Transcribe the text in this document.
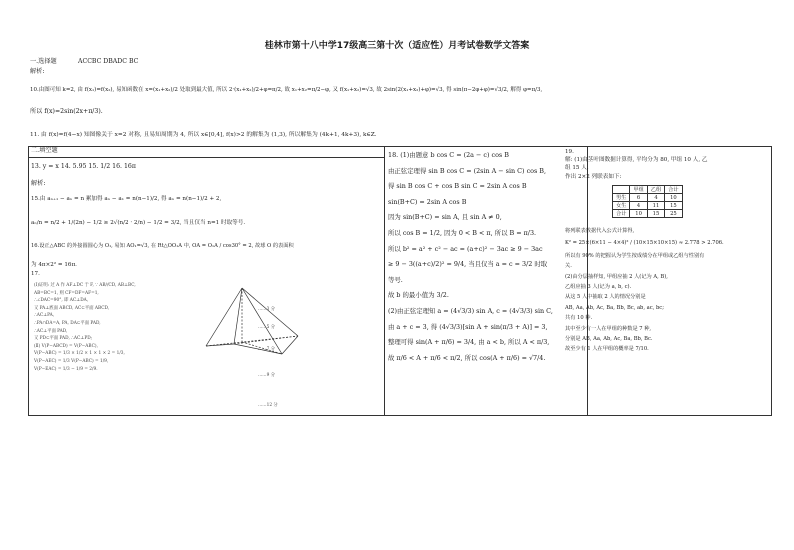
桂林市第十八中学17级高三第十次（适应性）月考试卷数学文答案
一.选择题	ACCBC DBADC BC
解析:
10.由图可知 k=2, 由 f(x₁)=f(x₂), 易知函数在 x=(x₁+x₂)/2 处取到最大值, 所以 2·(x₁+x₂)/2+φ=π/2, 故 x₁+x₂=π/2−φ, 又 f(x₁+x₂)=√3, 故 2sin(2(x₁+x₂)+φ)=√3, 得 sin(π−2φ+φ)=√3/2, 解得 φ=π/3,
所以 f(x)=2sin(2x+π/3).
11. 由 f(x)=f(4−x) 知图像关于 x=2 对称, 且易知周期为 4, 所以 x∈[0,4], f(x)>2 的解集为 (1,3), 所以解集为 (4k+1, 4k+3), k∈Z.
二.填空题
13. y = x 14. 5.95 15. 1/2 16. 16π
解析:
15.由 aₙ₊₁ − aₙ = n 累加得 aₙ − a₁ = n(n−1)/2, 得 aₙ = n(n−1)/2 + 2,
aₙ/n = n/2 + 1/(2n) − 1/2 ≥ 2√(n/2 · 2/n) − 1/2 = 3/2, 当且仅当 n=1 时取等号.
16.设正△ABC 的外接圆圆心为 O₁, 易知 AO₁=√3, 在 Rt△OO₁A 中, OA = O₁A / cos30° = 2, 故球 O 的表面积
为 4π×2² = 16π.
17.
(Ⅰ)证明: 过 A 作 AF⊥DC 于 F, ∵ AB//CD, AB⊥BC,
AB=BC=1, 则 CF=DF=AF=1,
∴∠DAC=90°, 即 AC⊥DA,
又 PA⊥底面 ABCD, AC⊂平面 ABCD,
∴AC⊥PA,
∴PA∩DA=A, PA, DA⊂平面 PAD,
∴AC⊥平面 PAD,
又 PD⊂平面 PAD, ∴AC⊥PD;
(Ⅱ) V(P−ABCD) = V(P−ABC),
V(P−ABC) = 1/3 × 1/2 × 1 × 1 × 2 = 1/3,
V(P−AEC) = 1/3 V(P−ABC) = 1/9,
V(P−EAC) = 1/3 − 1/9 = 2/9.
……3 分
……5 分
……7 分
……9 分
……12 分
18. (1)由题意 b cos C = (2a − c) cos B
由正弦定理得 sin B cos C = (2sin A − sin C) cos B,
得 sin B cos C + cos B sin C = 2sin A cos B
sin(B+C) = 2sin A cos B
因为 sin(B+C) = sin A, 且 sin A ≠ 0,
所以 cos B = 1/2, 因为 0 < B < π, 所以 B = π/3.
所以 b² = a² + c² − ac = (a+c)² − 3ac ≥ 9 − 3ac
≥ 9 − 3((a+c)/2)² = 9/4, 当且仅当 a = c = 3/2 时取
等号.
故 b 的最小值为 3/2.
(2)由正弦定理知 a = (4√3/3) sin A, c = (4√3/3) sin C,
由 a + c = 3, 得 (4√3/3)[sin A + sin(π/3 + A)] = 3,
整理可得 sin(A + π/6) = 3/4, 由 a < b, 所以 A < π/3,
故 π/6 < A + π/6 < π/2, 所以 cos(A + π/6) = √7/4.
19.
解: (1)由茎叶图数据计算得, 平均分为 80, 甲组 10 人, 乙
组 15 人.
作出 2×2 列联表如下:
	甲组	乙组	合计
男生	6	4	10
女生	4	11	15
合计	10	15	25
将列联表数据代入公式计算得,
K² = 25×(6×11 − 4×4)² / (10×15×10×15) ≈ 2.778 > 2.706.
所以有 90% 的把握认为学生按成绩分在甲组或乙组与性别有
关.
(2)由分层抽样知, 甲组应抽 2 人(记为 A, B),
乙组应抽 3 人(记为 a, b, c).
从这 5 人中抽取 2 人的情况分别是
AB, Aa, Ab, Ac, Ba, Bb, Bc, ab, ac, bc;
共有 10 种.
其中至少有一人在甲组的种数是 7 种,
分别是 AB, Aa, Ab, Ac, Ba, Bb, Bc.
故至少有 1 人在甲组的概率是 7/10.
